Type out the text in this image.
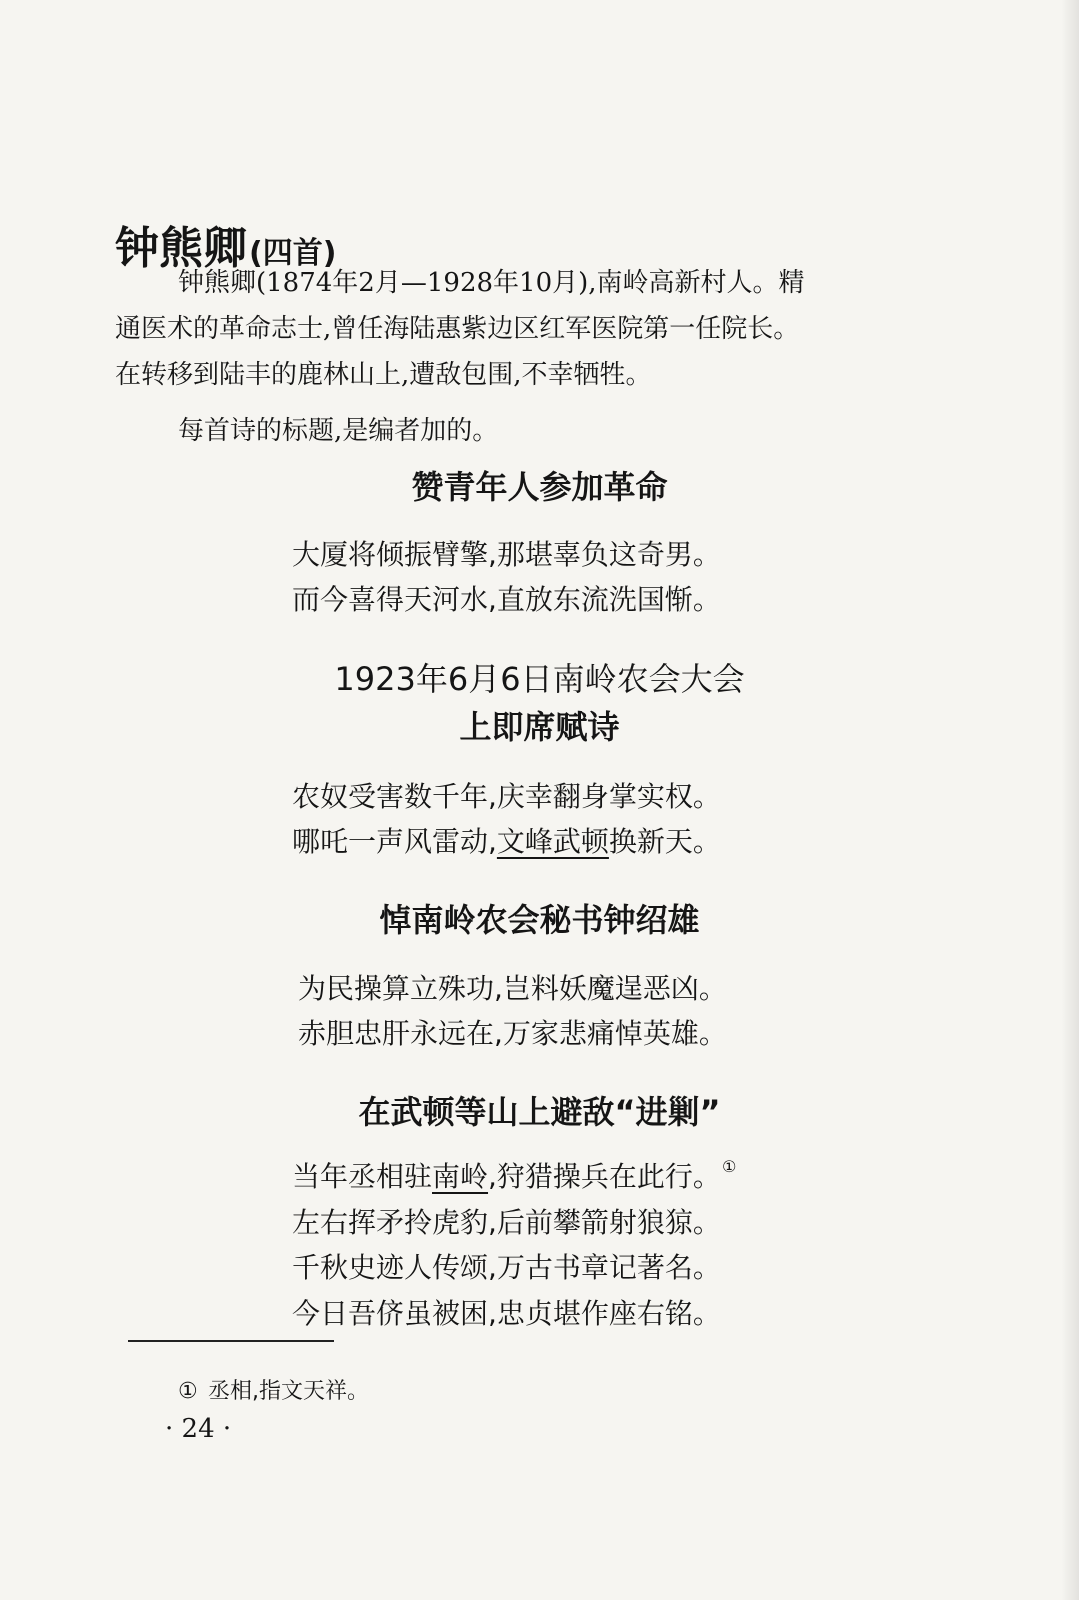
钟熊卿(四首)
钟熊卿(1874年2月—1928年10月),南岭高新村人。精
通医术的革命志士,曾任海陆惠紫边区红军医院第一任院长。
在转移到陆丰的鹿林山上,遭敌包围,不幸牺牲。
每首诗的标题,是编者加的。
赞青年人参加革命
大厦将倾振臂擎,那堪辜负这奇男。
而今喜得天河水,直放东流洗国惭。
1923年6月6日南岭农会大会
上即席赋诗
农奴受害数千年,庆幸翻身掌实权。
哪吒一声风雷动,文峰武顿换新天。
悼南岭农会秘书钟绍雄
为民操算立殊功,岂料妖魔逞恶凶。
赤胆忠肝永远在,万家悲痛悼英雄。
在武顿等山上避敌“进剿”
当年丞相驻南岭,狩猎操兵在此行。①
左右挥矛拎虎豹,后前攀箭射狼猄。
千秋史迹人传颂,万古书章记著名。
今日吾侪虽被困,忠贞堪作座右铭。
① 丞相,指文天祥。
· 24 ·
